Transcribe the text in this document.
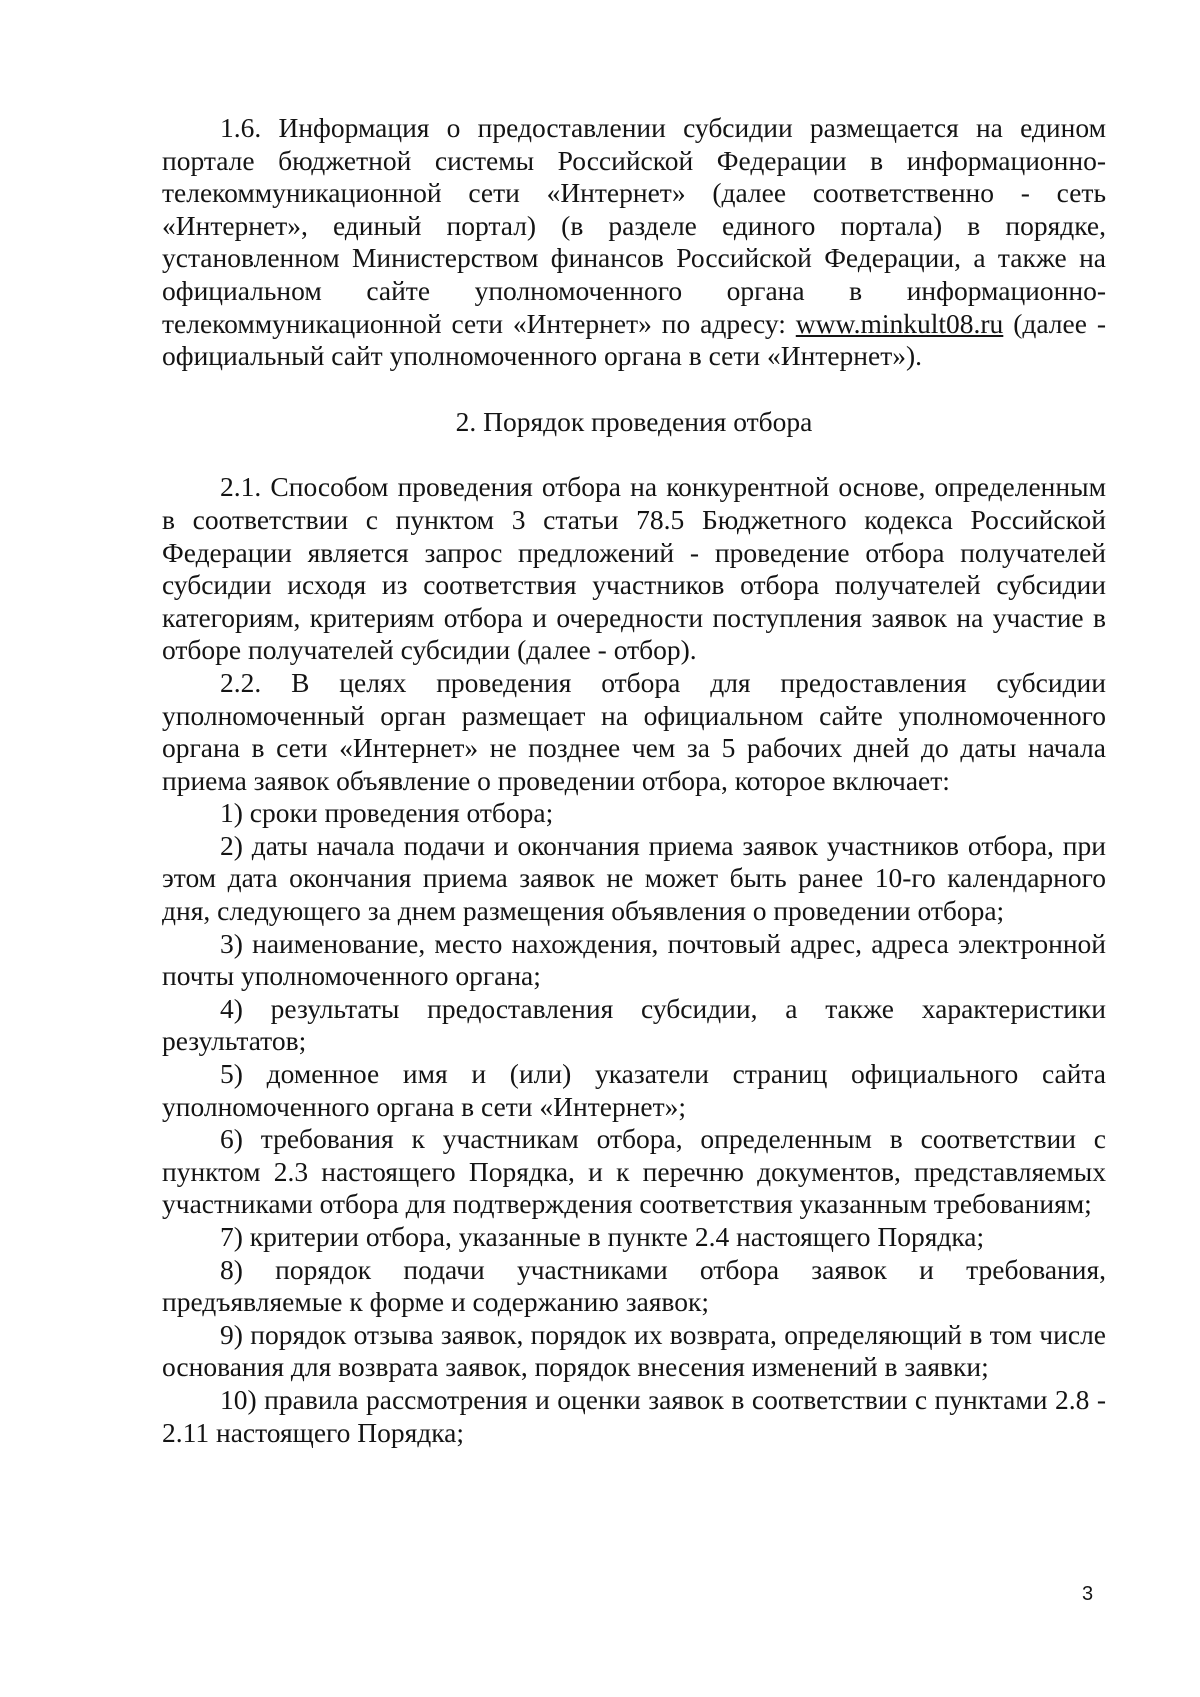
1.6. Информация о предоставлении субсидии размещается на едином портале бюджетной системы Российской Федерации в информационно-телекоммуникационной сети «Интернет» (далее соответственно - сеть «Интернет», единый портал) (в разделе единого портала) в порядке, установленном Министерством финансов Российской Федерации, а также на официальном сайте уполномоченного органа в информационно-телекоммуникационной сети «Интернет» по адресу: www.minkult08.ru (далее - официальный сайт уполномоченного органа в сети «Интернет»).

2. Порядок проведения отбора

2.1. Способом проведения отбора на конкурентной основе, определенным в соответствии с пунктом 3 статьи 78.5 Бюджетного кодекса Российской Федерации является запрос предложений - проведение отбора получателей субсидии исходя из соответствия участников отбора получателей субсидии категориям, критериям отбора и очередности поступления заявок на участие в отборе получателей субсидии (далее - отбор).

2.2. В целях проведения отбора для предоставления субсидии уполномоченный орган размещает на официальном сайте уполномоченного органа в сети «Интернет» не позднее чем за 5 рабочих дней до даты начала приема заявок объявление о проведении отбора, которое включает:

1) сроки проведения отбора;

2) даты начала подачи и окончания приема заявок участников отбора, при этом дата окончания приема заявок не может быть ранее 10-го календарного дня, следующего за днем размещения объявления о проведении отбора;

3) наименование, место нахождения, почтовый адрес, адреса электронной почты уполномоченного органа;

4) результаты предоставления субсидии, а также характеристики результатов;

5) доменное имя и (или) указатели страниц официального сайта уполномоченного органа в сети «Интернет»;

6) требования к участникам отбора, определенным в соответствии с пунктом 2.3 настоящего Порядка, и к перечню документов, представляемых участниками отбора для подтверждения соответствия указанным требованиям;

7) критерии отбора, указанные в пункте 2.4 настоящего Порядка;

8) порядок подачи участниками отбора заявок и требования, предъявляемые к форме и содержанию заявок;

9) порядок отзыва заявок, порядок их возврата, определяющий в том числе основания для возврата заявок, порядок внесения изменений в заявки;

10) правила рассмотрения и оценки заявок в соответствии с пунктами 2.8 - 2.11 настоящего Порядка;

3
